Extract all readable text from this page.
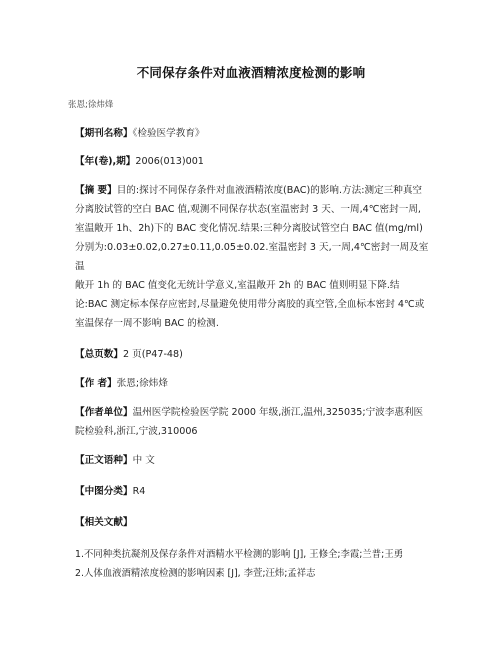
不同保存条件对血液酒精浓度检测的影响
张恩;徐炜烽
【期刊名称】《检验医学教育》
【年(卷),期】2006(013)001
【摘 要】目的:探讨不同保存条件对血液酒精浓度(BAC)的影响.方法:测定三种真空
分离胶试管的空白 BAC 值,观测不同保存状态(室温密封 3 天、一周,4℃密封一周,
室温敞开 1h、2h)下的 BAC 变化情况.结果:三种分离胶试管空白 BAC 值(mg/ml)
分别为:0.03±0.02,0.27±0.11,0.05±0.02.室温密封 3 天,一周,4℃密封一周及室温
敞开 1h 的 BAC 值变化无统计学意义,室温敞开 2h 的 BAC 值则明显下降.结
论:BAC 测定标本保存应密封,尽量避免使用带分离胶的真空管,全血标本密封 4℃或
室温保存一周不影响 BAC 的检测.
【总页数】2 页(P47-48)
【作 者】张恩;徐炜烽
【作者单位】温州医学院检验医学院 2000 年级,浙江,温州,325035;宁波李惠利医
院检验科,浙江,宁波,310006
【正文语种】中 文
【中图分类】R4
【相关文献】
1.不同种类抗凝剂及保存条件对酒精水平检测的影响 [J], 王修全;李霞;兰普;王勇
2.人体血液酒精浓度检测的影响因素 [J], 李萱;汪炜;孟祥志
